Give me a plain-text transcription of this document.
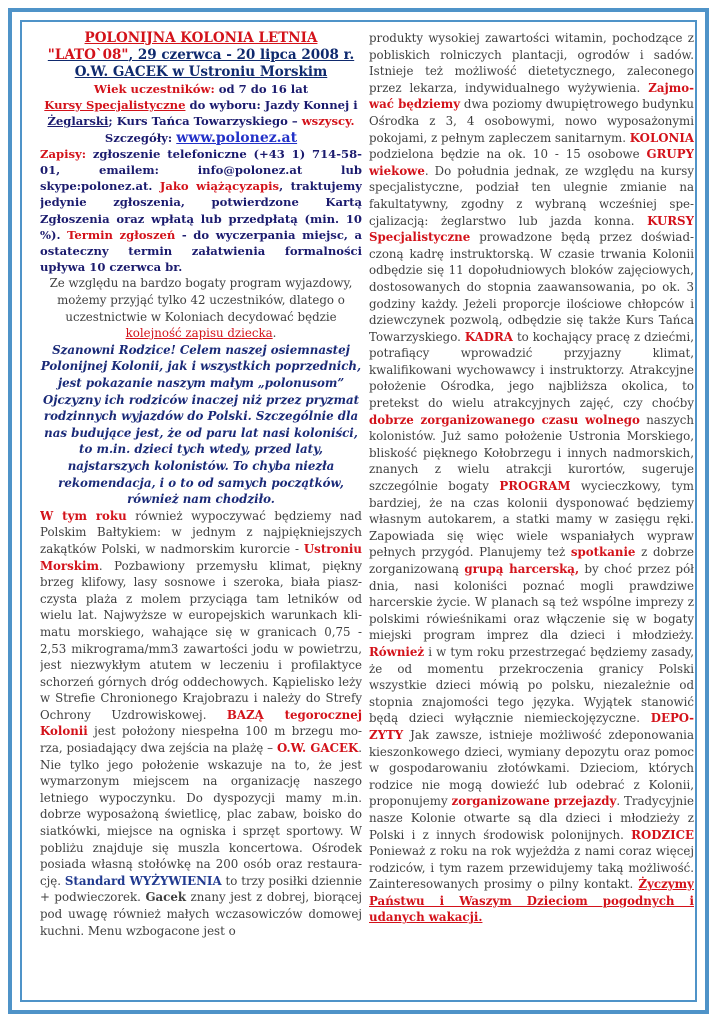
POLONIJNA KOLONIA LETNIA
"LATO`08", 29 czerwca - 20 lipca 2008 r.
O.W. GACEK w Ustroniu Morskim
Wiek uczestników: od 7 do 16 lat
Kursy Specjalistyczne do wyboru: Jazdy Konnej i Żeglarski; Kurs Tańca Towarzyskiego – wszyscy.
Szczegóły: www.polonez.at
Zapisy: zgłoszenie telefoniczne (+43 1) 714-58-01, emailem: info@polonez.at lub skype:polonez.at. Jako wiążącyzapis, traktujemy jedynie zgłoszenia, potwierdzone Kartą Zgłoszenia oraz wpłatą lub przedpłatą (min. 10 %). Termin zgłoszeń - do wyczerpania miejsc, a ostateczny termin załatwienia formalności upływa 10 czerwca br.

Ze względu na bardzo bogaty program wyjazdowy, możemy przyjąć tylko 42 uczestników, dlatego o uczestnictwie w Koloniach decydować będzie kolejność zapisu dziecka.

Szanowni Rodzice! Celem naszej osiemnastej Polonijnej Kolonii, jak i wszystkich poprzednich, jest pokazanie naszym małym „polonusom” Ojczyzny ich rodziców inaczej niż przez pryzmat rodzinnych wyjazdów do Polski. Szczególnie dla nas budujące jest, że od paru lat nasi koloniści, to m.in. dzieci tych wtedy, przed laty, najstarszych kolonistów. To chyba niezła rekomendacja, i o to od samych początków, również nam chodziło.

W tym roku również wypoczywać będziemy nad Polskim Bałtykiem: w jednym z najpiękniejszych zakątków Polski, w nadmorskim kurorcie - Ustroniu Morskim. Pozbawiony przemysłu klimat, piękny brzeg klifowy, lasy sosnowe i szeroka, biała piaszczysta plaża z molem przyciąga tam letników od wielu lat. Najwyższe w europejskich warunkach klimatu morskiego, wahające się w granicach 0,75 - 2,53 mikrograma/mm3 zawartości jodu w powietrzu, jest niezwykłym atutem w leczeniu i profilaktyce schorzeń górnych dróg oddechowych. Kąpielisko leży w Strefie Chronionego Krajobrazu i należy do Strefy Ochrony Uzdrowiskowej. BAZĄ tegorocznej Kolonii jest położony niespełna 100 m brzegu morza, posiadający dwa zejścia na plażę – O.W. GACEK. Nie tylko jego położenie wskazuje na to, że jest wymarzonym miejscem na organizację naszego letniego wypoczynku. Do dyspozycji mamy m.in. dobrze wyposażoną świetlicę, plac zabaw, boisko do siatkówki, miejsce na ogniska i sprzęt sportowy. W pobliżu znajduje się muszla koncertowa. Ośrodek posiada własną stołówkę na 200 osób oraz restaurację. Standard WYŻYWIENIA to trzy posiłki dziennie + podwieczorek. Gacek znany jest z dobrej, biorącej pod uwagę również małych wczasowiczów domowej kuchni. Menu wzbogacone jest o

produkty wysokiej zawartości witamin, pochodzące z pobliskich rolniczych plantacji, ogrodów i sadów. Istnieje też możliwość dietetycznego, zaleconego przez lekarza, indywidualnego wyżywienia. Zajmować będziemy dwa poziomy dwupiętrowego budynku Ośrodka z 3, 4 osobowymi, nowo wyposażonymi pokojami, z pełnym zapleczem sanitarnym. KOLONIA podzielona będzie na ok. 10 - 15 osobowe GRUPY wiekowe. Do południa jednak, ze względu na kursy specjalistyczne, podział ten ulegnie zmianie na fakultatywny, zgodny z wybraną wcześniej specjalizacją: żeglarstwo lub jazda konna. KURSY Specjalistyczne prowadzone będą przez doświadczoną kadrę instruktorską. W czasie trwania Kolonii odbędzie się 11 dopołudniowych bloków zajęciowych, dostosowanych do stopnia zaawansowania, po ok. 3 godziny każdy. Jeżeli proporcje ilościowe chłopców i dziewczynek pozwolą, odbędzie się także Kurs Tańca Towarzyskiego. KADRA to kochający pracę z dziećmi, potrafiący wprowadzić przyjazny klimat, kwalifikowani wychowawcy i instruktorzy. Atrakcyjne położenie Ośrodka, jego najbliższa okolica, to pretekst do wielu atrakcyjnych zajęć, czy choćby dobrze zorganizowanego czasu wolnego naszych kolonistów. Już samo położenie Ustronia Morskiego, bliskość pięknego Kołobrzegu i innych nadmorskich, znanych z wielu atrakcji kurortów, sugeruje szczególnie bogaty PROGRAM wycieczkowy, tym bardziej, że na czas kolonii dysponować będziemy własnym autokarem, a statki mamy w zasięgu ręki. Zapowiada się więc wiele wspaniałych wypraw pełnych przygód. Planujemy też spotkanie z dobrze zorganizowaną grupą harcerską, by choć przez pół dnia, nasi koloniści poznać mogli prawdziwe harcerskie życie. W planach są też wspólne imprezy z polskimi rówieśnikami oraz włączenie się w bogaty miejski program imprez dla dzieci i młodzieży. Również i w tym roku przestrzegać będziemy zasady, że od momentu przekroczenia granicy Polski wszystkie dzieci mówią po polsku, niezależnie od stopnia znajomości tego języka. Wyjątek stanowić będą dzieci wyłącznie niemieckojęzyczne. DEPOZYTY Jak zawsze, istnieje możliwość zdeponowania kieszonkowego dzieci, wymiany depozytu oraz pomoc w gospodarowaniu złotówkami. Dzieciom, których rodzice nie mogą dowieźć lub odebrać z Kolonii, proponujemy zorganizowane przejazdy. Tradycyjnie nasze Kolonie otwarte są dla dzieci i młodzieży z Polski i z innych środowisk polonijnych. RODZICE Ponieważ z roku na rok wyjeżdża z nami coraz więcej rodziców, i tym razem przewidujemy taką możliwość. Zainteresowanych prosimy o pilny kontakt. Życzymy Państwu i Waszym Dzieciom pogodnych i udanych wakacji.
